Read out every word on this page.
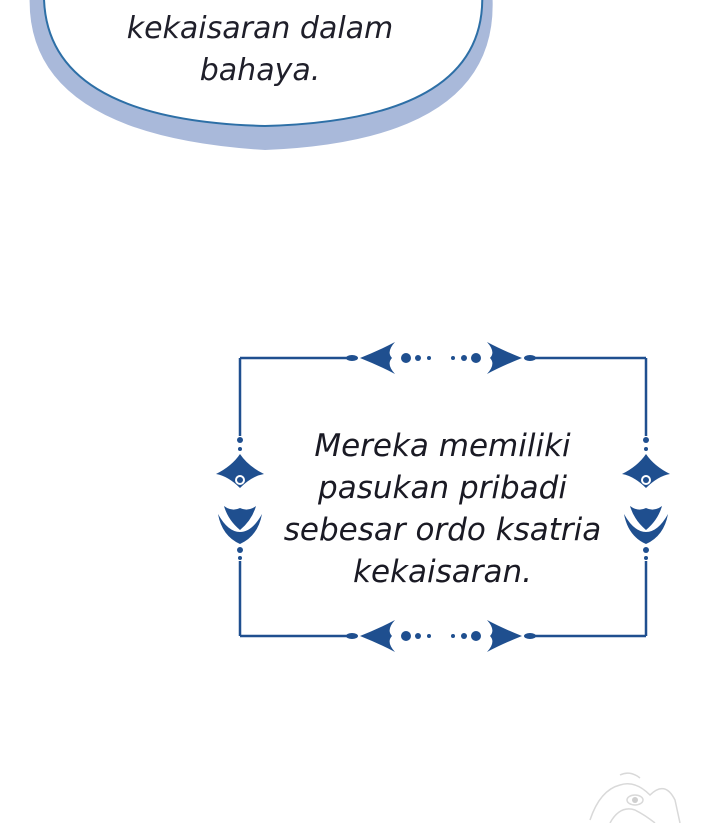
kekaisaran dalam
bahaya.
Mereka memiliki
pasukan pribadi
sebesar ordo ksatria
kekaisaran.
